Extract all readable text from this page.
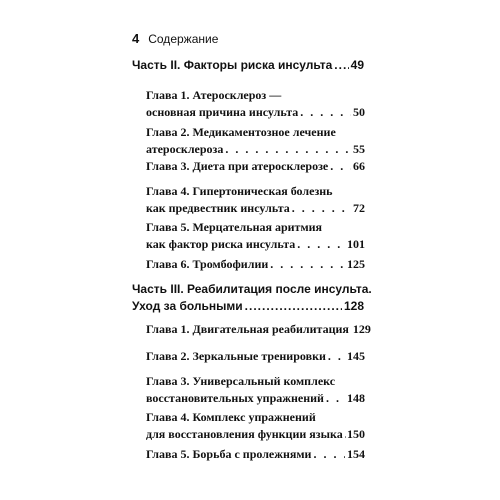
4 Содержание
Часть II. Факторы риска инсульта ..... 49
Глава 1. Атеросклероз —
основная причина инсульта . . .	50
Глава 2. Медикаментозное лечение
атеросклероза . . .	55
Глава 3. Диета при атеросклерозе . . . 66
Глава 4. Гипертоническая болезнь
как предвестник инсульта . . .	72
Глава 5. Мерцательная аритмия
как фактор риска инсульта . . .	101
Глава 6. Тромбофилии . . .	125
Часть III. Реабилитация после инсульта.
Уход за больными .....	128
Глава 1. Двигательная реабилитация 129
Глава 2. Зеркальные тренировки . . . 145
Глава 3. Универсальный комплекс
восстановительных упражнений . . . 148
Глава 4. Комплекс упражнений
для восстановления функции языка . . . 150
Глава 5. Борьба с пролежнями . . .	154
